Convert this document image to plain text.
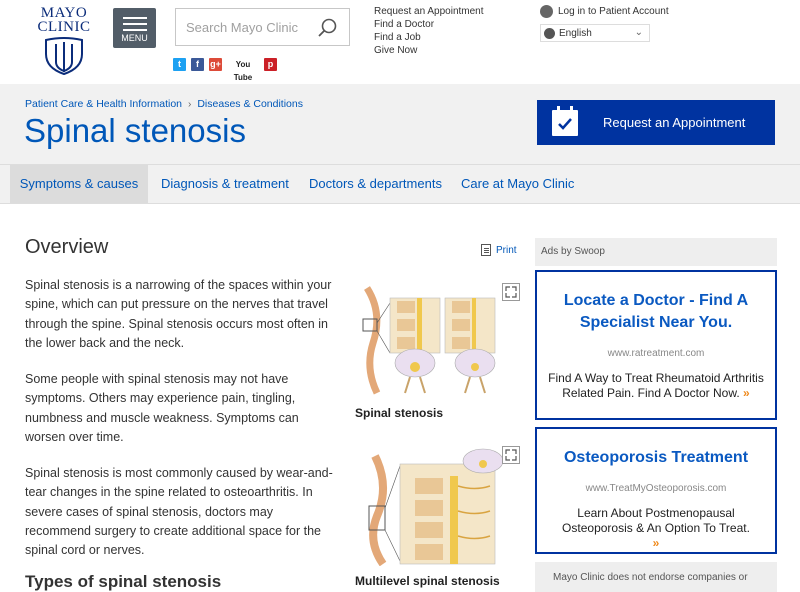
MAYO
CLINIC
MENU
Search Mayo Clinic
t	f	g+	You Tube
p
Request an Appointment
Find a Doctor
Find a Job
Give Now
Log in to Patient Account
English	⌄
Patient Care & Health Information › Diseases & Conditions
Spinal stenosis	Request an Appointment
Symptoms & causes	Diagnosis & treatment Doctors & departments Care at Mayo Clinic
Overview	Print

Spinal stenosis is a narrowing of the spaces within your spine, which can put pressure on the nerves that travel through the spine. Spinal stenosis occurs most often in the lower back and the neck.

Some people with spinal stenosis may not have symptoms. Others may experience pain, tingling, numbness and muscle weakness. Symptoms can worsen over time.

Spinal stenosis is most commonly caused by wear-and-tear changes in the spine related to osteoarthritis. In severe cases of spinal stenosis, doctors may recommend surgery to create additional space for the spinal cord or nerves.

Types of spinal stenosis
Spinal stenosis
Multilevel spinal stenosis
Ads by Swoop
Locate a Doctor - Find A Specialist Near You.
www.ratreatment.com
Find A Way to Treat Rheumatoid Arthritis Related Pain. Find A Doctor Now. »
Osteoporosis Treatment
www.TreatMyOsteoporosis.com
Learn About Postmenopausal Osteoporosis & An Option To Treat. »
Mayo Clinic does not endorse companies or
